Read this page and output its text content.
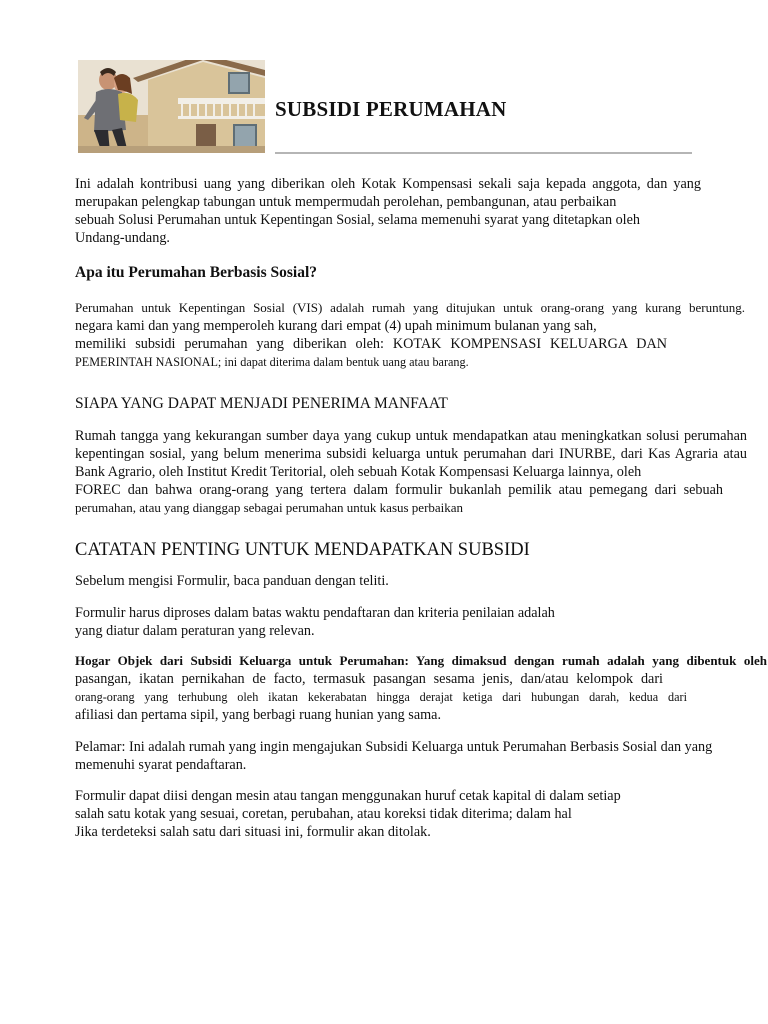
SUBSIDI PERUMAHAN
Ini adalah kontribusi uang yang diberikan oleh Kotak Kompensasi sekali saja kepada anggota, dan yang
merupakan pelengkap tabungan untuk mempermudah perolehan, pembangunan, atau perbaikan
sebuah Solusi Perumahan untuk Kepentingan Sosial, selama memenuhi syarat yang ditetapkan oleh
Undang-undang.
Apa itu Perumahan Berbasis Sosial?
Perumahan untuk Kepentingan Sosial (VIS) adalah rumah yang ditujukan untuk orang-orang yang kurang beruntung.
negara kami dan yang memperoleh kurang dari empat (4) upah minimum bulanan yang sah,
memiliki subsidi perumahan yang diberikan oleh: KOTAK KOMPENSASI KELUARGA DAN
PEMERINTAH NASIONAL; ini dapat diterima dalam bentuk uang atau barang.
SIAPA YANG DAPAT MENJADI PENERIMA MANFAAT
Rumah tangga yang kekurangan sumber daya yang cukup untuk mendapatkan atau meningkatkan solusi perumahan
kepentingan sosial, yang belum menerima subsidi keluarga untuk perumahan dari INURBE, dari Kas Agraria atau
Bank Agrario, oleh Institut Kredit Teritorial, oleh sebuah Kotak Kompensasi Keluarga lainnya, oleh
FOREC dan bahwa orang-orang yang tertera dalam formulir bukanlah pemilik atau pemegang dari sebuah
perumahan, atau yang dianggap sebagai perumahan untuk kasus perbaikan
CATATAN PENTING UNTUK MENDAPATKAN SUBSIDI
Sebelum mengisi Formulir, baca panduan dengan teliti.
Formulir harus diproses dalam batas waktu pendaftaran dan kriteria penilaian adalah
yang diatur dalam peraturan yang relevan.
Hogar Objek dari Subsidi Keluarga untuk Perumahan: Yang dimaksud dengan rumah adalah yang dibentuk oleh
pasangan, ikatan pernikahan de facto, termasuk pasangan sesama jenis, dan/atau kelompok dari
orang-orang yang terhubung oleh ikatan kekerabatan hingga derajat ketiga dari hubungan darah, kedua dari
afiliasi dan pertama sipil, yang berbagi ruang hunian yang sama.
Pelamar: Ini adalah rumah yang ingin mengajukan Subsidi Keluarga untuk Perumahan Berbasis Sosial dan yang
memenuhi syarat pendaftaran.
Formulir dapat diisi dengan mesin atau tangan menggunakan huruf cetak kapital di dalam setiap
salah satu kotak yang sesuai, coretan, perubahan, atau koreksi tidak diterima; dalam hal
Jika terdeteksi salah satu dari situasi ini, formulir akan ditolak.
